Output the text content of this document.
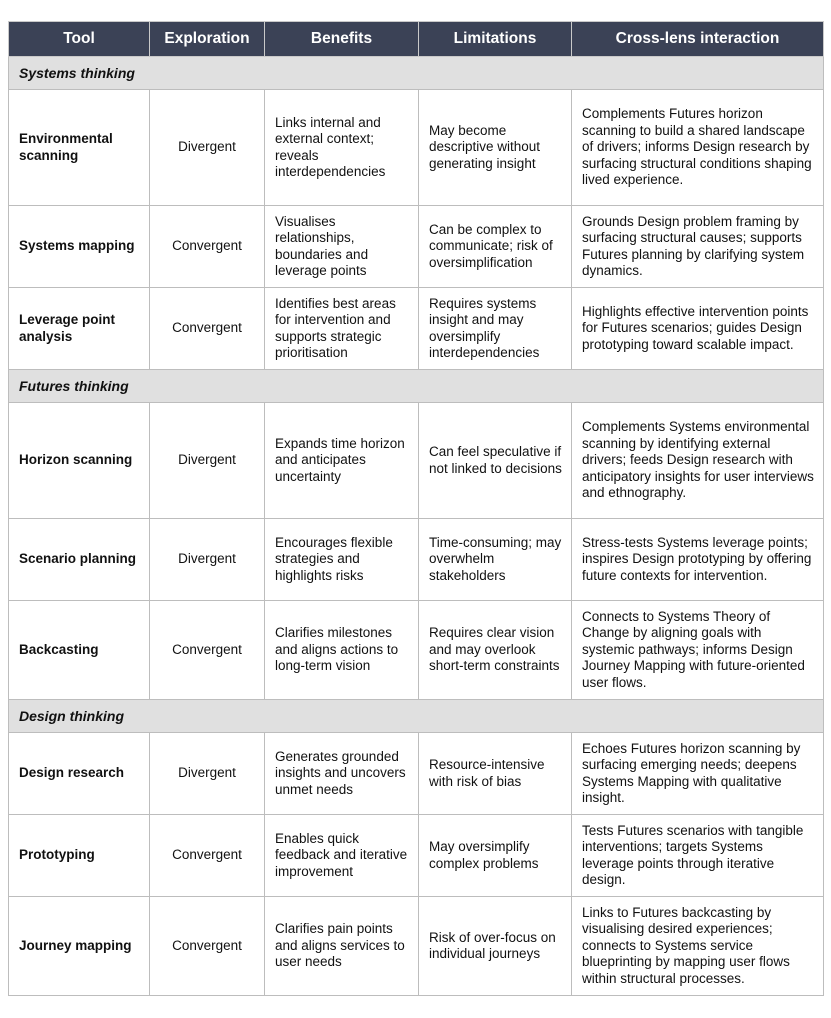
Tool	Exploration	Benefits	Limitations	Cross-lens interaction
Systems thinking				
Environmental scanning	Divergent	Links internal and external context; reveals interdependencies	May become descriptive without generating insight	Complements Futures horizon scanning to build a shared landscape of drivers; informs Design research by surfacing structural conditions shaping lived experience.
Systems mapping	Convergent	Visualises relationships, boundaries and leverage points	Can be complex to communicate; risk of oversimplification	Grounds Design problem framing by surfacing structural causes; supports Futures planning by clarifying system dynamics.
Leverage point analysis	Convergent	Identifies best areas for intervention and supports strategic prioritisation	Requires systems insight and may oversimplify interdependencies	Highlights effective intervention points for Futures scenarios; guides Design prototyping toward scalable impact.
Futures thinking				
Horizon scanning	Divergent	Expands time horizon and anticipates uncertainty	Can feel speculative if not linked to decisions	Complements Systems environmental scanning by identifying external drivers; feeds Design research with anticipatory insights for user interviews and ethnography.
Scenario planning	Divergent	Encourages flexible strategies and highlights risks	Time-consuming; may overwhelm stakeholders	Stress-tests Systems leverage points; inspires Design prototyping by offering future contexts for intervention.
Backcasting	Convergent	Clarifies milestones and aligns actions to long-term vision	Requires clear vision and may overlook short-term constraints	Connects to Systems Theory of Change by aligning goals with systemic pathways; informs Design Journey Mapping with future-oriented user flows.
Design thinking				
Design research	Divergent	Generates grounded insights and uncovers unmet needs	Resource-intensive with risk of bias	Echoes Futures horizon scanning by surfacing emerging needs; deepens Systems Mapping with qualitative insight.
Prototyping	Convergent	Enables quick feedback and iterative improvement	May oversimplify complex problems	Tests Futures scenarios with tangible interventions; targets Systems leverage points through iterative design.
Journey mapping	Convergent	Clarifies pain points and aligns services to user needs	Risk of over-focus on individual journeys	Links to Futures backcasting by visualising desired experiences; connects to Systems service blueprinting by mapping user flows within structural processes.
